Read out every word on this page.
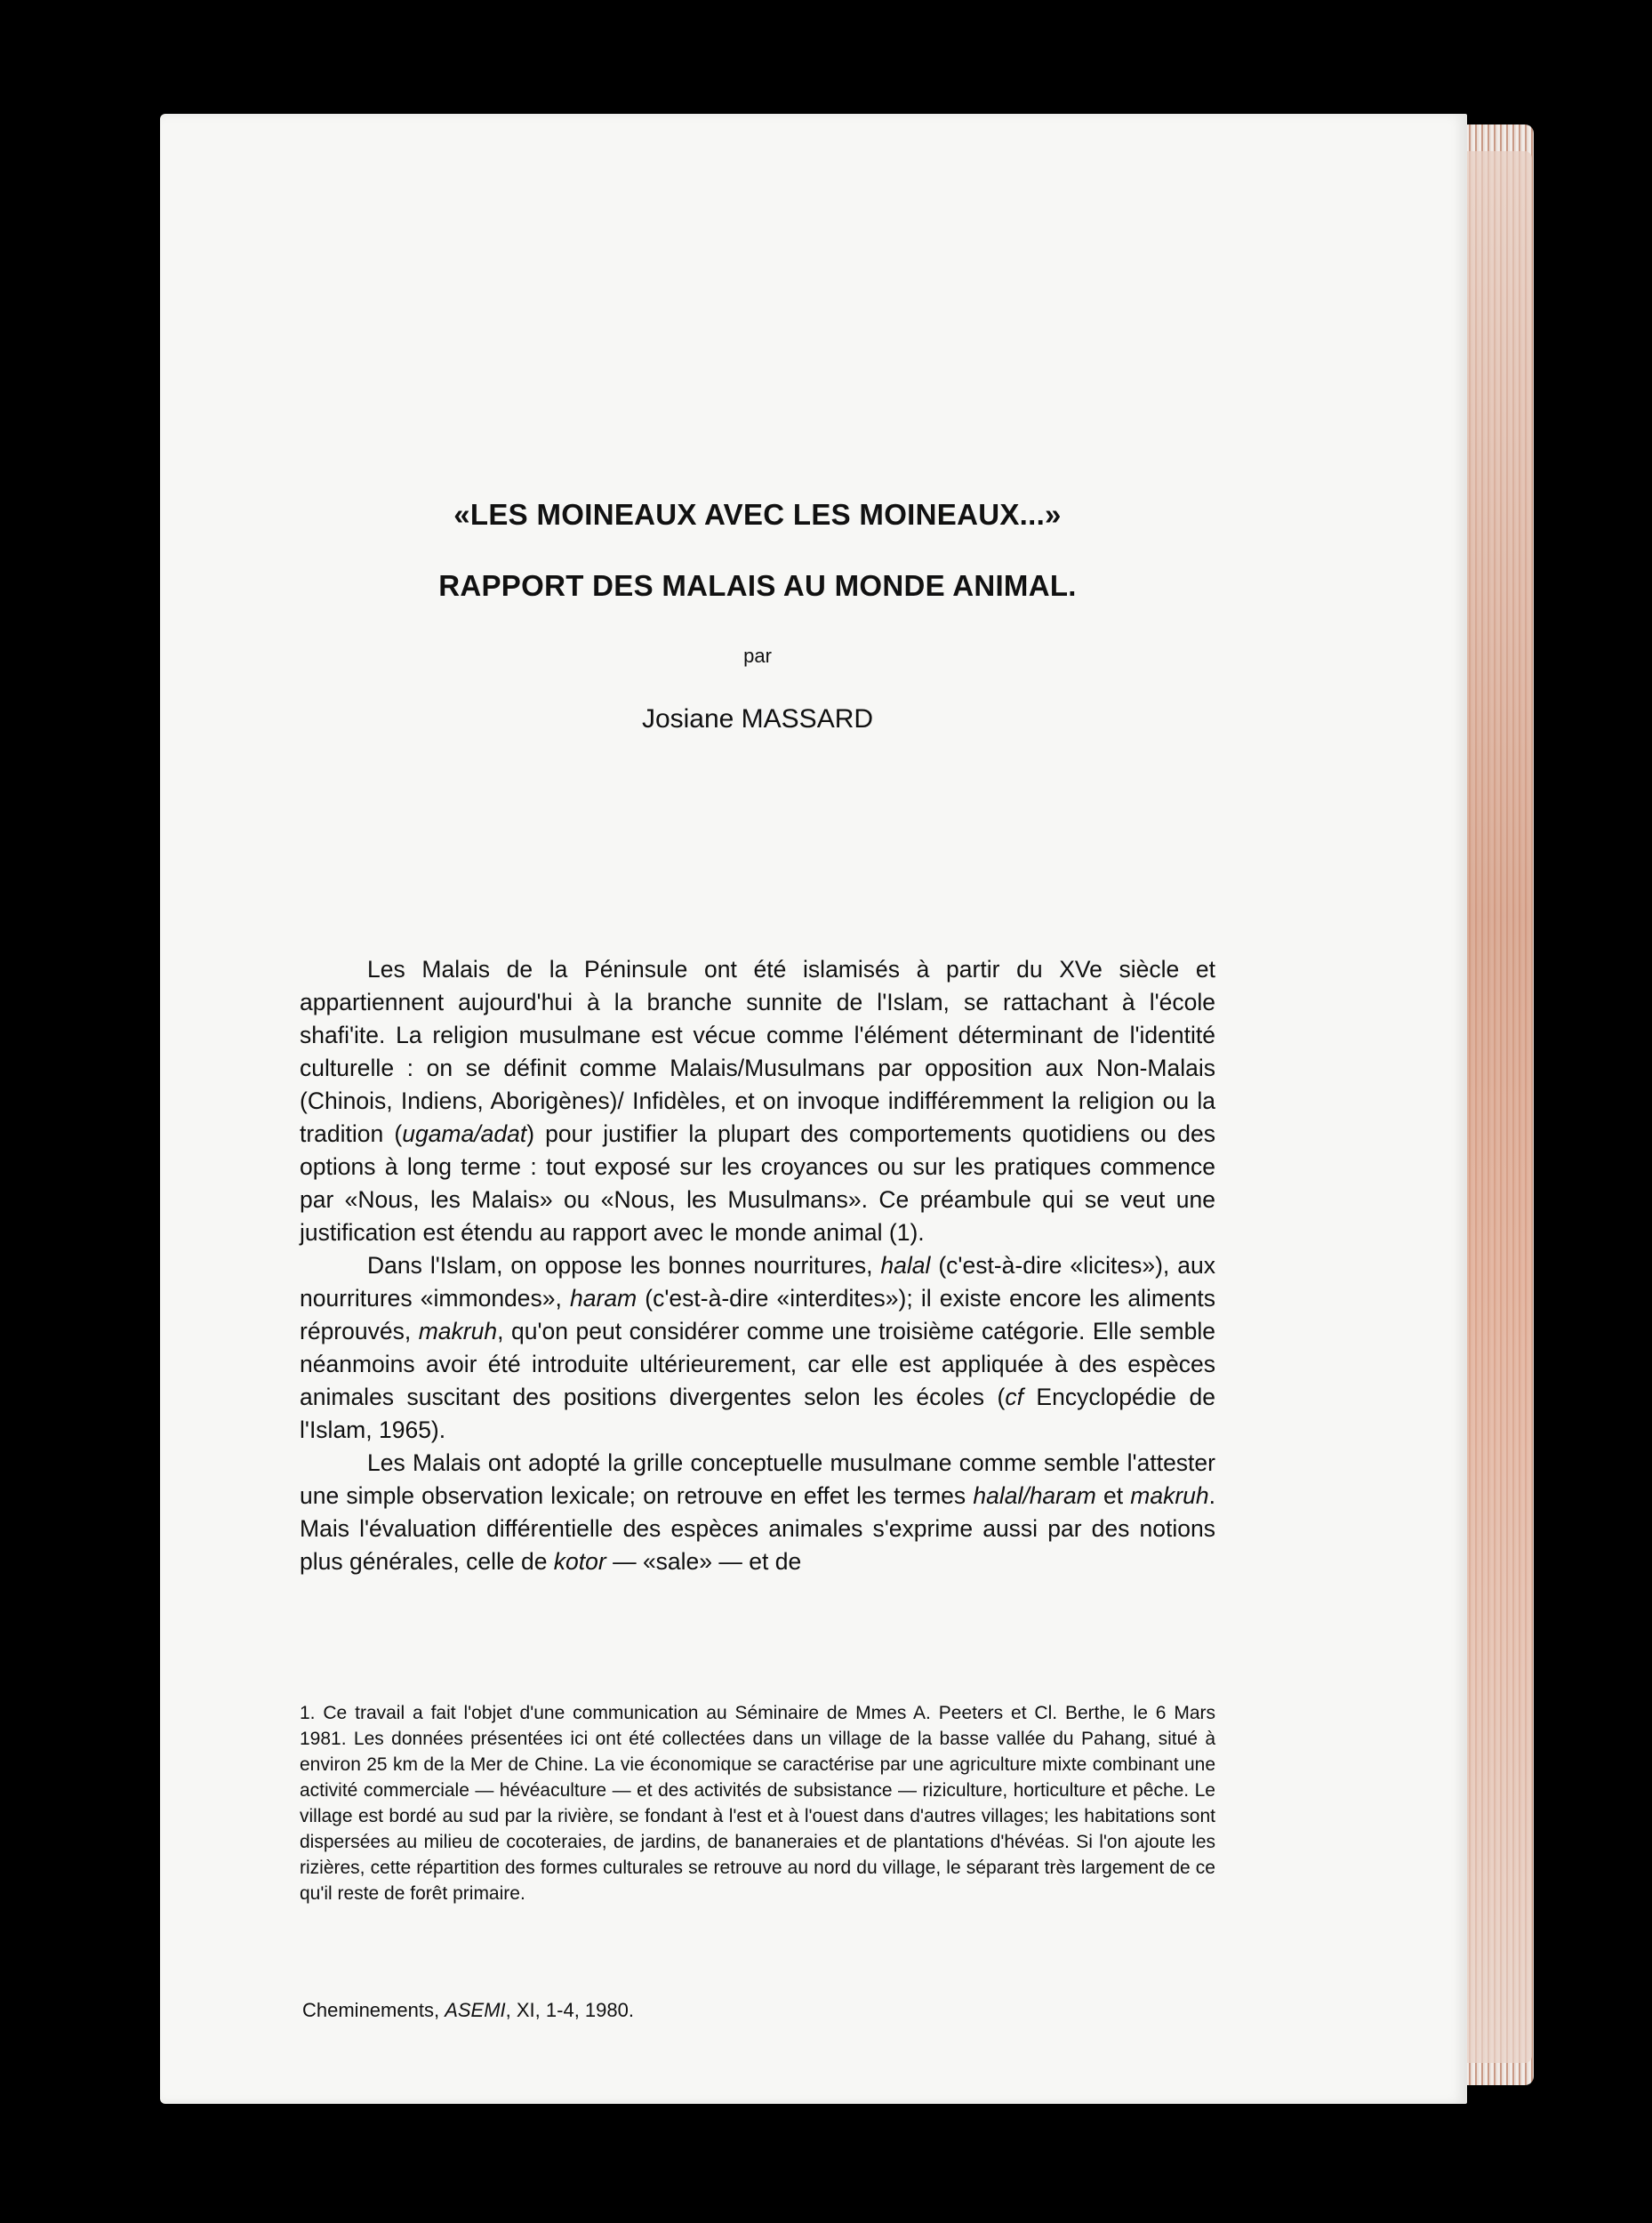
«LES MOINEAUX AVEC LES MOINEAUX...»
RAPPORT DES MALAIS AU MONDE ANIMAL.
par
Josiane MASSARD

Les Malais de la Péninsule ont été islamisés à partir du XVe siècle et appartiennent aujourd'hui à la branche sunnite de l'Islam, se rattachant à l'école shafi'ite. La religion musulmane est vécue comme l'élément déterminant de l'identité culturelle : on se définit comme Malais/Musulmans par opposition aux Non-Malais (Chinois, Indiens, Aborigènes)/ Infidèles, et on invoque indifféremment la religion ou la tradition (ugama/adat) pour justifier la plupart des comportements quotidiens ou des options à long terme : tout exposé sur les croyances ou sur les pratiques commence par «Nous, les Malais» ou «Nous, les Musulmans». Ce préambule qui se veut une justification est étendu au rapport avec le monde animal (1).

Dans l'Islam, on oppose les bonnes nourritures, halal (c'est-à-dire «licites»), aux nourritures «immondes», haram (c'est-à-dire «interdites»); il existe encore les aliments réprouvés, makruh, qu'on peut considérer comme une troisième catégorie. Elle semble néanmoins avoir été introduite ultérieurement, car elle est appliquée à des espèces animales suscitant des positions divergentes selon les écoles (cf Encyclopédie de l'Islam, 1965).

Les Malais ont adopté la grille conceptuelle musulmane comme semble l'attester une simple observation lexicale; on retrouve en effet les termes halal/haram et makruh. Mais l'évaluation différentielle des espèces animales s'exprime aussi par des notions plus générales, celle de kotor — «sale» — et de

1. Ce travail a fait l'objet d'une communication au Séminaire de Mmes A. Peeters et Cl. Berthe, le 6 Mars 1981. Les données présentées ici ont été collectées dans un village de la basse vallée du Pahang, situé à environ 25 km de la Mer de Chine. La vie économique se caractérise par une agriculture mixte combinant une activité commerciale — hévéaculture — et des activités de subsistance — riziculture, horticulture et pêche. Le village est bordé au sud par la rivière, se fondant à l'est et à l'ouest dans d'autres villages; les habitations sont dispersées au milieu de cocoteraies, de jardins, de bananeraies et de plantations d'hévéas. Si l'on ajoute les rizières, cette répartition des formes culturales se retrouve au nord du village, le séparant très largement de ce qu'il reste de forêt primaire.

Cheminements, ASEMI, XI, 1-4, 1980.
